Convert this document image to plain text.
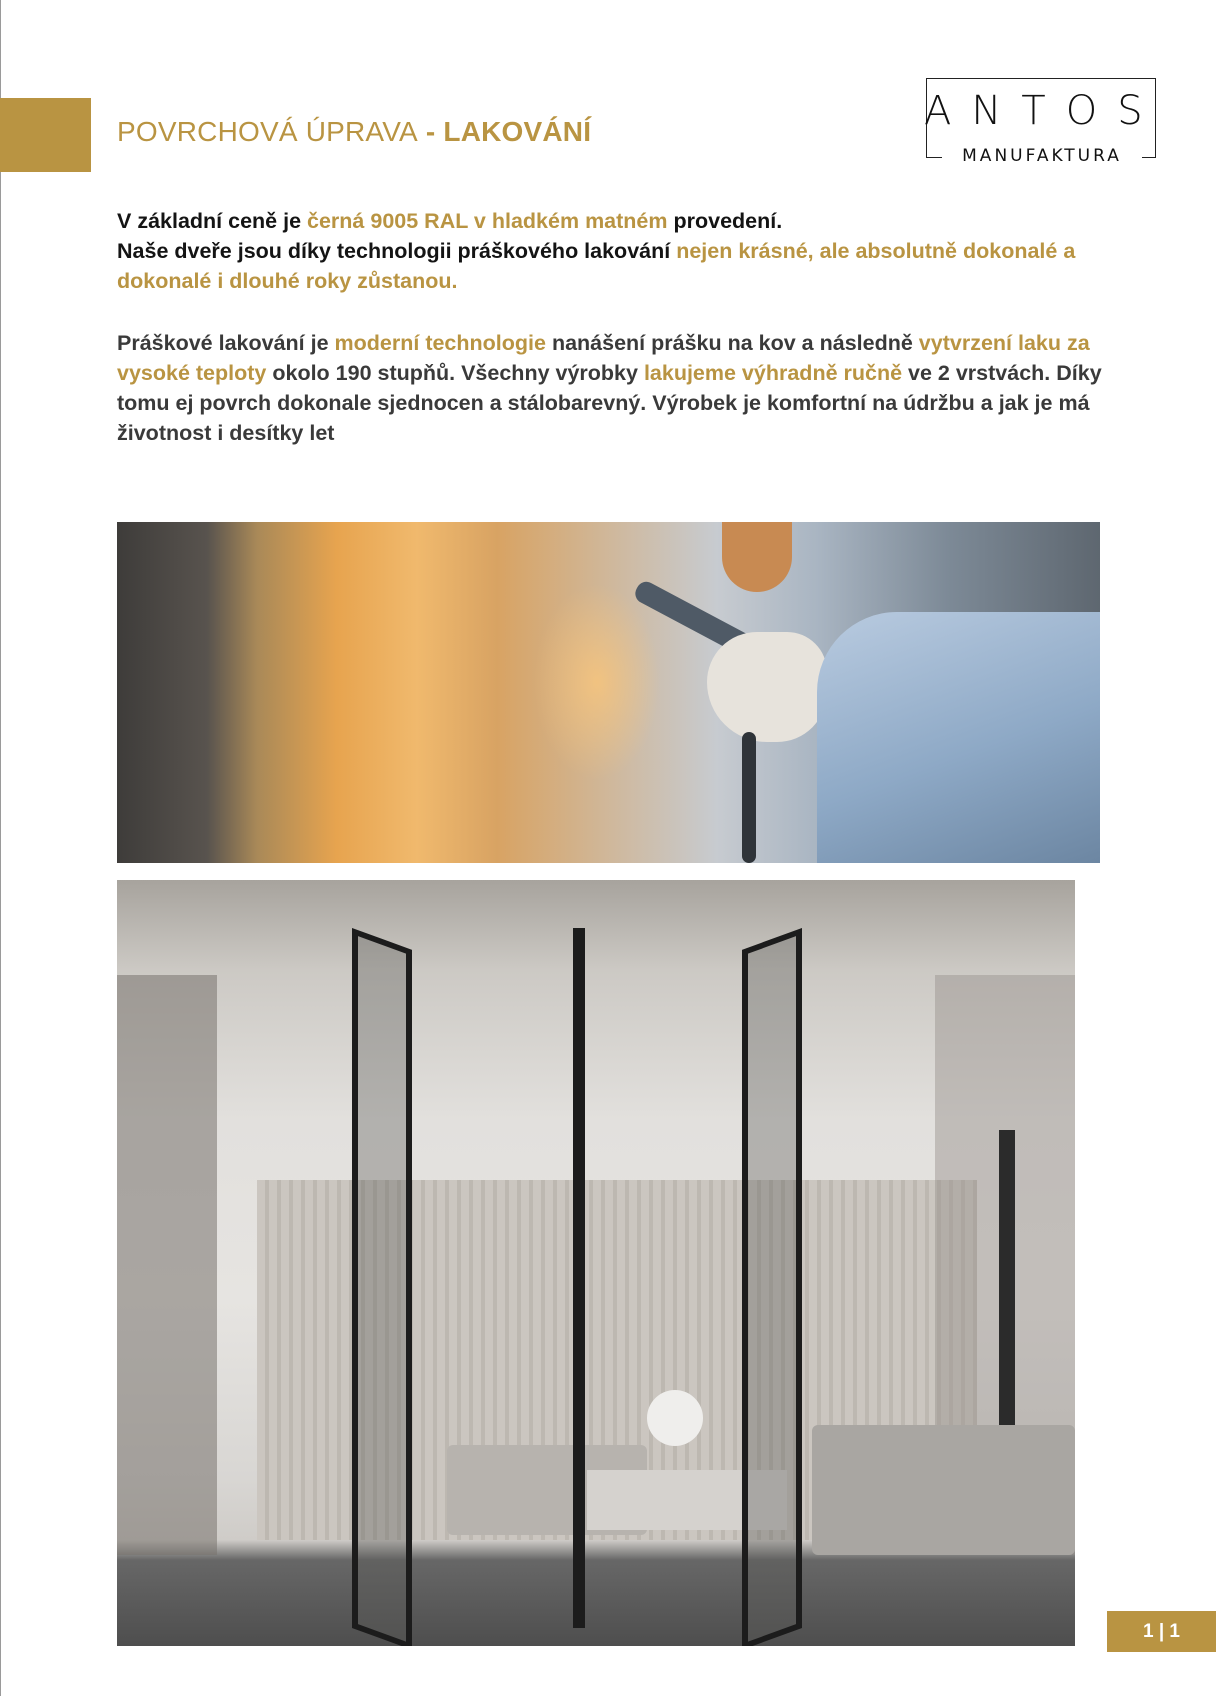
POVRCHOVÁ ÚPRAVA - LAKOVÁNÍ	ANTOS
MANUFAKTURA
V základní ceně je černá 9005 RAL v hladkém matném provedení.
Naše dveře jsou díky technologii práškového lakování nejen krásné, ale absolutně dokonalé a dokonalé i dlouhé roky zůstanou.
Práškové lakování je moderní technologie nanášení prášku na kov a následně vytvrzení laku za vysoké teploty okolo 190 stupňů. Všechny výrobky lakujeme výhradně ručně ve 2 vrstvách. Díky tomu ej povrch dokonale sjednocen a stálobarevný. Výrobek je komfortní na údržbu a jak je má životnost i desítky let
1 | 1
